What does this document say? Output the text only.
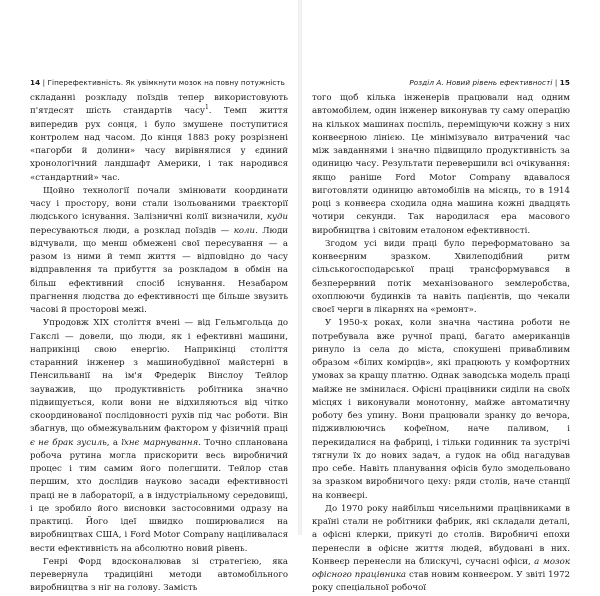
14 | Гіперефективність. Як увімкнути мозок на повну потужність

складанні розкладу поїздів тепер використовують п'ятдесят шість стандартів часу$^1$. Темп життя випередив рух сонця, і було змушене поступитися контролем над часом. До кінця 1883 року розрізнені «пагорби й долини» часу вирівнялися у єдиний хронологічний ландшафт Америки, і так народився «стандартний» час.

Щойно технології почали змінювати координати часу і простору, вони стали ізольованими траєкторії людського існування. Залізничні колії визначили, куди пересуваються люди, а розклад поїздів — коли. Люди відчували, що менш обмежені свої пересування — а разом із ними й темп життя — відповідно до часу відправлення та прибуття за розкладом в обмін на більш ефективний спосіб існування. Незабаром прагнення людства до ефективності ще більше звузить часові й просторові межі.

Упродовж XIX століття вчені — від Гельмгольца до Гакслі — довели, що люди, як і ефективні машини, наприкінці свою енергію. Наприкінці століття старанний інженер з машинобудівної майстерні в Пенсильванії на ім'я Фредерік Вінслоу Тейлор зауважив, що продуктивність робітника значно підвищується, коли вони не відхиляються від чітко скоординованої послідовності рухів під час роботи. Він збагнув, що обмежувальним фактором у фізичній праці є не брак зусиль, а їхнє марнування. Точно спланована робоча рутина могла прискорити весь виробничий процес і тим самим його полегшити. Тейлор став першим, хто дослідив науково засади ефективності праці не в лабораторії, а в індустріальному середовищі, і це зробило його висновки застосовними одразу на практиці. Його ідеї швидко поширювалися на виробництвах США, і Ford Motor Company націливалася вести ефективність на абсолютно новий рівень.

Генрі Форд вдосконалював зі стратегією, яка перевернула традиційні методи автомобільного виробництва з ніг на голову. Замість

Розділ А. Новий рівень ефективності | 15

того щоб кілька інженерів працювали над одним автомобілем, один інженер виконував ту саму операцію на кількох машинах поспіль, переміщуючи кожну з них конвеєрною лінією. Це мінімізувало витрачений час між завданнями і значно підвищило продуктивність за одиницю часу. Результати перевершили всі очікування: якщо раніше Ford Motor Company вдавалося виготовляти одиницю автомобілів на місяць, то в 1914 році з конвеєра сходила одна машина кожні двадцять чотири секунди. Так народилася ера масового виробництва і світовим еталоном ефективності.

Згодом усі види праці було переформатовано за конвеєрним зразком. Хвилеподібний ритм сільськогосподарської праці трансформувався в безперервний потік механізованого землеробства, охоплюючи будинків та навіть пацієнтів, що чекали своєї черги в лікарнях на «ремонт».

У 1950-х роках, коли значна частина роботи не потребувала вже ручної праці, багато американців ринуло із села до міста, спокушені привабливим образом «білих комірців», які працюють у комфортних умовах за кращу платню. Однак заводська модель праці майже не змінилася. Офісні працівники сиділи на своїх місцях і виконували монотонну, майже автоматичну роботу без упину. Вони працювали зранку до вечора, підживлюючись кофеїном, наче паливом, і перекидалися на фабриці, і тільки годинник та зустрічі тягнули їх до нових задач, а гудок на обід нагадував про себе. Навіть планування офісів було змодельовано за зразком виробничого цеху: ряди столів, наче станції на конвеєрі.

До 1970 року найбільш чисельними працівниками в країні стали не робітники фабрик, які складали деталі, а офісні клерки, прикуті до столів. Виробничі епохи перенесли в офісне життя людей, вбудовані в них. Конвеєр перенесли на блискучі, сучасні офіси, а мозок офісного працівника став новим конвеєром. У звіті 1972 року спеціальної робочої
